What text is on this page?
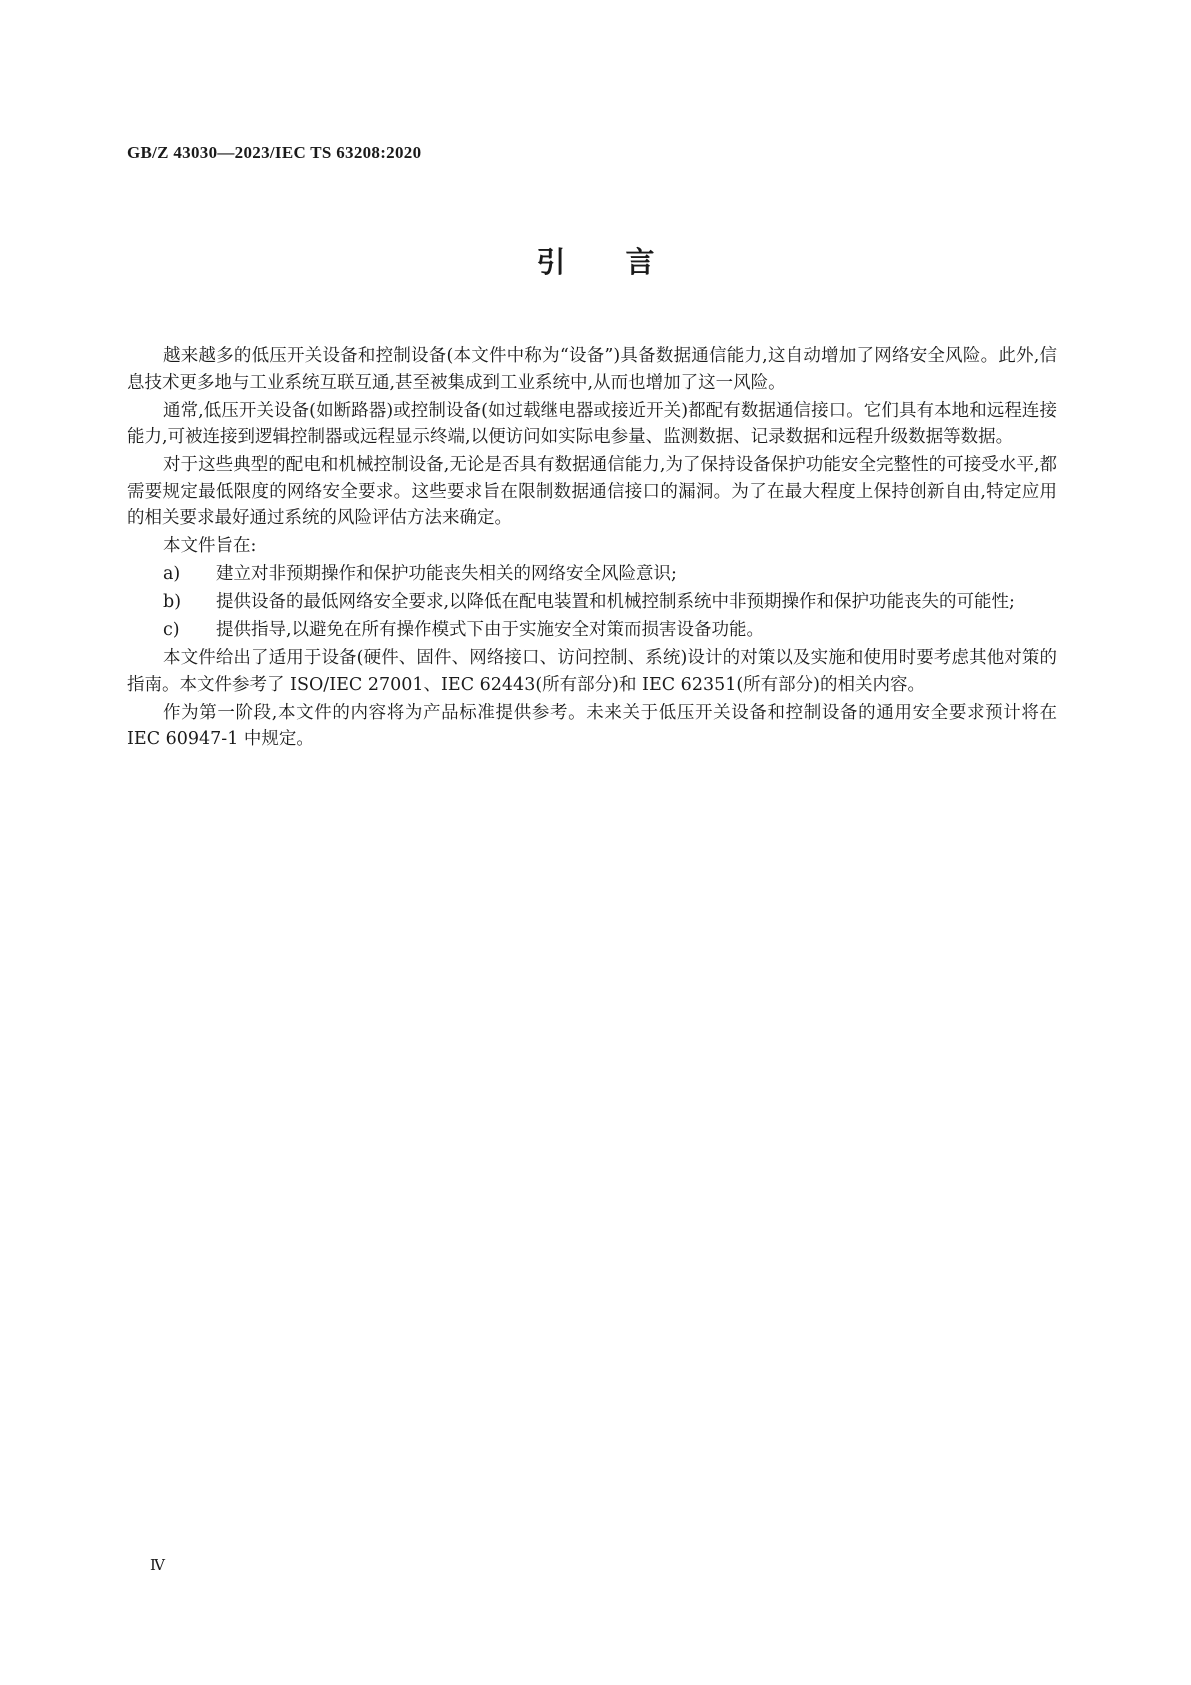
GB/Z 43030—2023/IEC TS 63208:2020
引 言

越来越多的低压开关设备和控制设备(本文件中称为“设备”)具备数据通信能力,这自动增加了网络安全风险。此外,信息技术更多地与工业系统互联互通,甚至被集成到工业系统中,从而也增加了这一风险。

通常,低压开关设备(如断路器)或控制设备(如过载继电器或接近开关)都配有数据通信接口。它们具有本地和远程连接能力,可被连接到逻辑控制器或远程显示终端,以便访问如实际电参量、监测数据、记录数据和远程升级数据等数据。

对于这些典型的配电和机械控制设备,无论是否具有数据通信能力,为了保持设备保护功能安全完整性的可接受水平,都需要规定最低限度的网络安全要求。这些要求旨在限制数据通信接口的漏洞。为了在最大程度上保持创新自由,特定应用的相关要求最好通过系统的风险评估方法来确定。

本文件旨在:

a)	建立对非预期操作和保护功能丧失相关的网络安全风险意识;
b)	提供设备的最低网络安全要求,以降低在配电装置和机械控制系统中非预期操作和保护功能丧失的可能性;
c)	提供指导,以避免在所有操作模式下由于实施安全对策而损害设备功能。

本文件给出了适用于设备(硬件、固件、网络接口、访问控制、系统)设计的对策以及实施和使用时要考虑其他对策的指南。本文件参考了 ISO/IEC 27001、IEC 62443(所有部分)和 IEC 62351(所有部分)的相关内容。

作为第一阶段,本文件的内容将为产品标准提供参考。未来关于低压开关设备和控制设备的通用安全要求预计将在 IEC 60947-1 中规定。

Ⅳ
